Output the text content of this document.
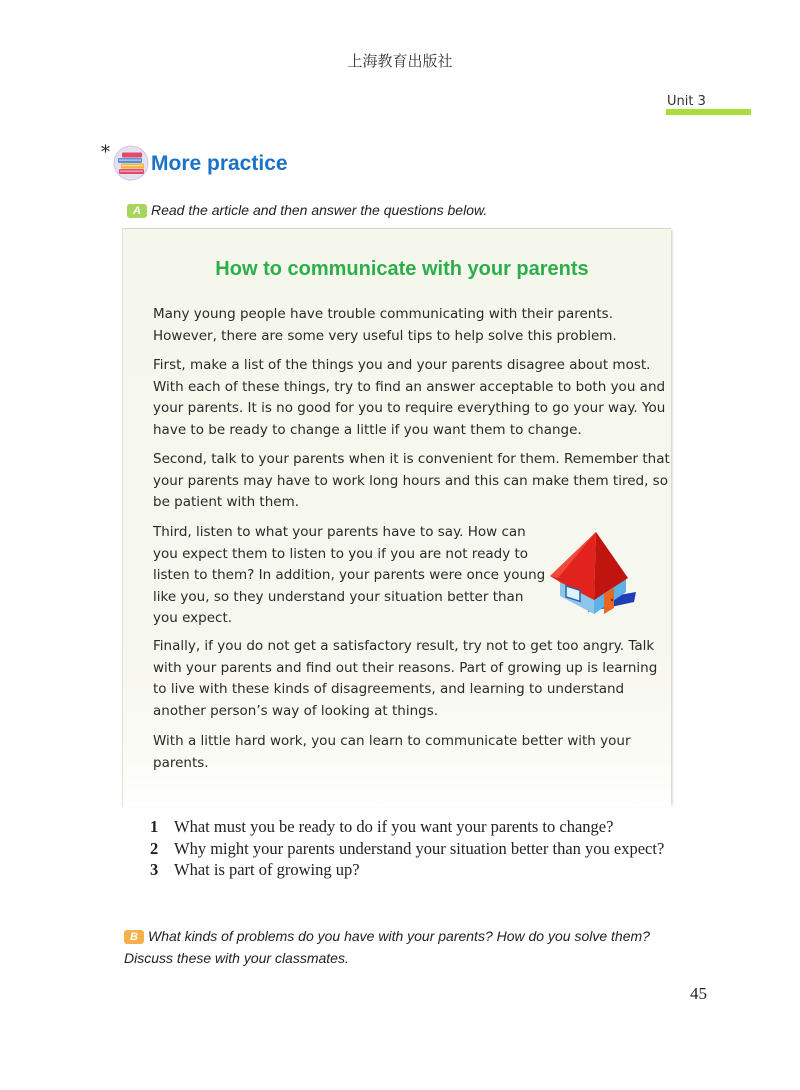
上海教育出版社
Unit 3
* More practice
A Read the article and then answer the questions below.
How to communicate with your parents
Many young people have trouble communicating with their parents. However, there are some very useful tips to help solve this problem.
First, make a list of the things you and your parents disagree about most. With each of these things, try to find an answer acceptable to both you and your parents. It is no good for you to require everything to go your way. You have to be ready to change a little if you want them to change.
Second, talk to your parents when it is convenient for them. Remember that your parents may have to work long hours and this can make them tired, so be patient with them.
Third, listen to what your parents have to say. How can you expect them to listen to you if you are not ready to listen to them? In addition, your parents were once young like you, so they understand your situation better than you expect.
Finally, if you do not get a satisfactory result, try not to get too angry. Talk with your parents and find out their reasons. Part of growing up is learning to live with these kinds of disagreements, and learning to understand another person’s way of looking at things.
With a little hard work, you can learn to communicate better with your parents.
1 What must you be ready to do if you want your parents to change?
2 Why might your parents understand your situation better than you expect?
3 What is part of growing up?
B What kinds of problems do you have with your parents? How do you solve them? Discuss these with your classmates.
45
